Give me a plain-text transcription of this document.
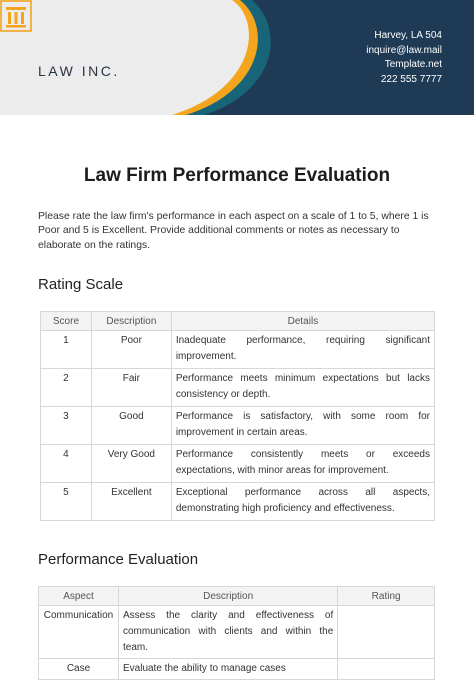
LAW INC.
Harvey, LA 504
inquire@law.mail
Template.net
222 555 7777
Law Firm Performance Evaluation
Please rate the law firm's performance in each aspect on a scale of 1 to 5, where 1 is Poor and 5 is Excellent. Provide additional comments or notes as necessary to elaborate on the ratings.
Rating Scale
Score	Description	Details
1	Poor	Inadequate performance, requiring significant improvement.
2	Fair	Performance meets minimum expectations but lacks consistency or depth.
3	Good	Performance is satisfactory, with some room for improvement in certain areas.
4	Very Good	Performance consistently meets or exceeds expectations, with minor areas for improvement.
5	Excellent	Exceptional performance across all aspects, demonstrating high proficiency and effectiveness.
Performance Evaluation
Aspect	Description	Rating
Communication	Assess the clarity and effectiveness of communication with clients and within the team.	
Case	Evaluate the ability to manage cases	
